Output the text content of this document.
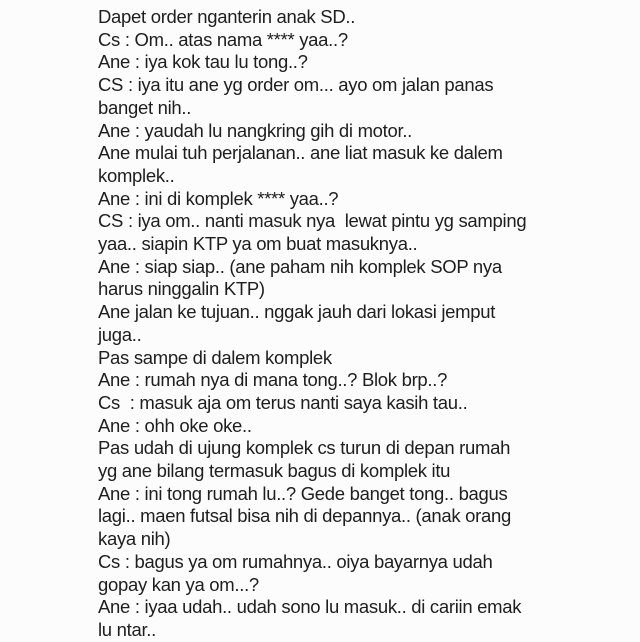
Dapet order nganterin anak SD..
Cs : Om.. atas nama **** yaa..?
Ane : iya kok tau lu tong..?
CS : iya itu ane yg order om... ayo om jalan panas
banget nih..
Ane : yaudah lu nangkring gih di motor..
Ane mulai tuh perjalanan.. ane liat masuk ke dalem
komplek..
Ane : ini di komplek **** yaa..?
CS : iya om.. nanti masuk nya  lewat pintu yg samping
yaa.. siapin KTP ya om buat masuknya..
Ane : siap siap.. (ane paham nih komplek SOP nya
harus ninggalin KTP)
Ane jalan ke tujuan.. nggak jauh dari lokasi jemput
juga..
Pas sampe di dalem komplek
Ane : rumah nya di mana tong..? Blok brp..?
Cs  : masuk aja om terus nanti saya kasih tau..
Ane : ohh oke oke..
Pas udah di ujung komplek cs turun di depan rumah
yg ane bilang termasuk bagus di komplek itu
Ane : ini tong rumah lu..? Gede banget tong.. bagus
lagi.. maen futsal bisa nih di depannya.. (anak orang
kaya nih)
Cs : bagus ya om rumahnya.. oiya bayarnya udah
gopay kan ya om...?
Ane : iyaa udah.. udah sono lu masuk.. di cariin emak
lu ntar..
